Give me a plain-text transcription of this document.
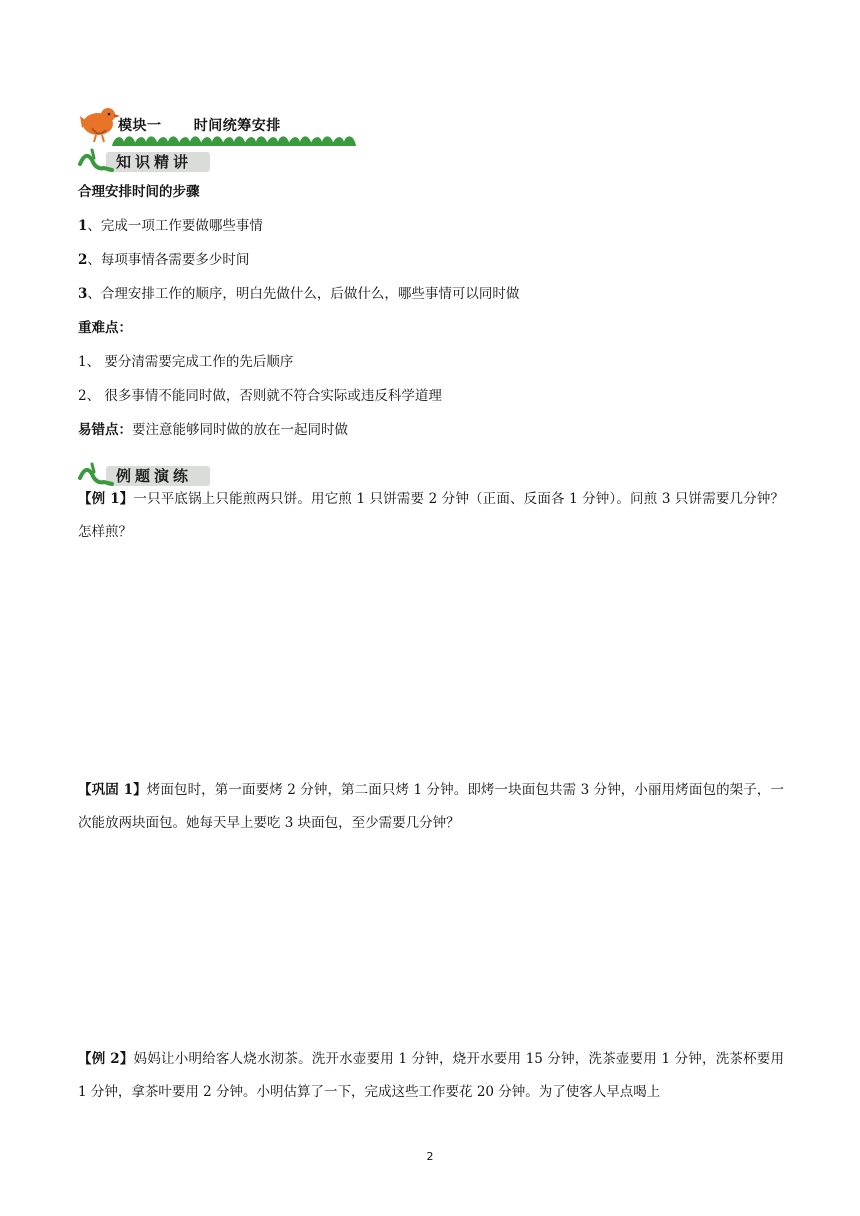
模块一      时间统筹安排
知识精讲
合理安排时间的步骤
1、完成一项工作要做哪些事情
2、每项事情各需要多少时间
3、合理安排工作的顺序，明白先做什么，后做什么，哪些事情可以同时做
重难点：
1、 要分清需要完成工作的先后顺序
2、 很多事情不能同时做，否则就不符合实际或违反科学道理
易错点：要注意能够同时做的放在一起同时做
例题演练
【例 1】一只平底锅上只能煎两只饼。用它煎 1 只饼需要 2 分钟（正面、反面各 1 分钟）。问煎 3 只饼需要几分钟？怎样煎？
【巩固 1】烤面包时，第一面要烤 2 分钟，第二面只烤 1 分钟。即烤一块面包共需 3 分钟，小丽用烤面包的架子，一次能放两块面包。她每天早上要吃 3 块面包，至少需要几分钟？
【例 2】妈妈让小明给客人烧水沏茶。洗开水壶要用 1 分钟，烧开水要用 15 分钟，洗茶壶要用 1 分钟，洗茶杯要用 1 分钟，拿茶叶要用 2 分钟。小明估算了一下，完成这些工作要花 20 分钟。为了使客人早点喝上
2
